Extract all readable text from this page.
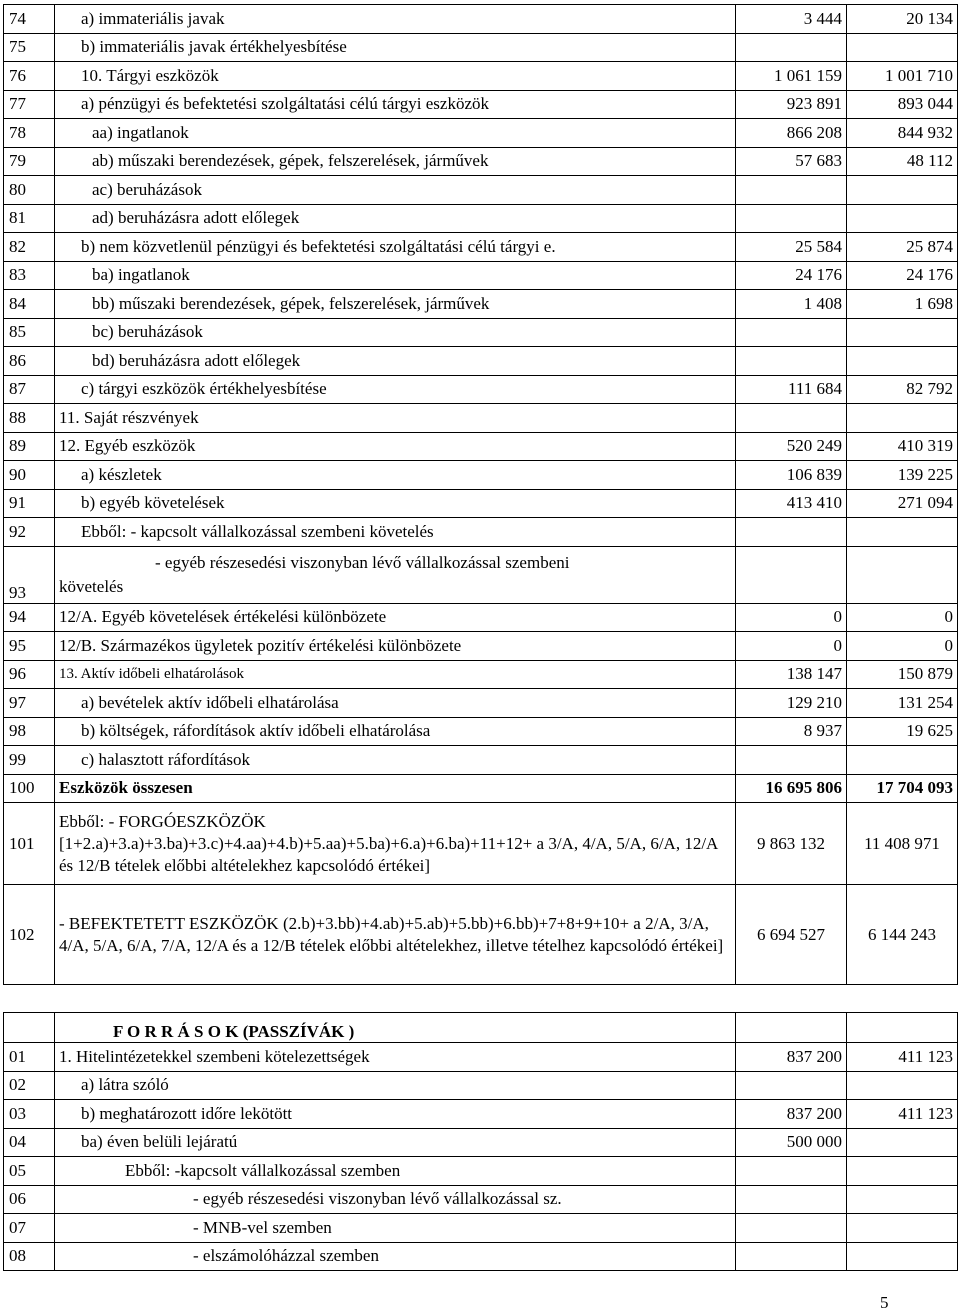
74	a) immateriális javak	3 444	20 134
75	b) immateriális javak értékhelyesbítése		
76	10. Tárgyi eszközök	1 061 159	1 001 710
77	a) pénzügyi és befektetési szolgáltatási célú tárgyi eszközök	923 891	893 044
78	aa) ingatlanok	866 208	844 932
79	ab) műszaki berendezések, gépek, felszerelések, járművek	57 683	48 112
80	ac) beruházások		
81	ad) beruházásra adott előlegek		
82	b) nem közvetlenül pénzügyi és befektetési szolgáltatási célú tárgyi e.	25 584	25 874
83	ba) ingatlanok	24 176	24 176
84	bb) műszaki berendezések, gépek, felszerelések, járművek	1 408	1 698
85	bc) beruházások		
86	bd) beruházásra adott előlegek		
87	c) tárgyi eszközök értékhelyesbítése	111 684	82 792
88	11. Saját részvények		
89	12. Egyéb eszközök	520 249	410 319
90	a) készletek	106 839	139 225
91	b) egyéb követelések	413 410	271 094
92	Ebből: - kapcsolt vállalkozással szembeni követelés		
93	- egyéb részesedési viszonyban lévő vállalkozással szembeni
követelés		

94	12/A. Egyéb követelések értékelési különbözete	0	0
95	12/B. Származékos ügyletek pozitív értékelési különbözete	0	0
96	13. Aktív időbeli elhatárolások	138 147	150 879
97	a) bevételek aktív időbeli elhatárolása	129 210	131 254
98	b) költségek, ráfordítások aktív időbeli elhatárolása	8 937	19 625
99	c) halasztott ráfordítások		
100	Eszközök összesen	16 695 806	17 704 093
101	Ebből: - FORGÓESZKÖZÖK [1+2.a)+3.a)+3.ba)+3.c)+4.aa)+4.b)+5.aa)+5.ba)+6.a)+6.ba)+11+12+ a 3/A, 4/A, 5/A, 6/A, 12/A és 12/B tételek előbbi altételekhez kapcsolódó értékei]	9 863 132	11 408 971
102	- BEFEKTETETT ESZKÖZÖK (2.b)+3.bb)+4.ab)+5.ab)+5.bb)+6.bb)+7+8+9+10+ a 2/A, 3/A, 4/A, 5/A, 6/A, 7/A, 12/A és a 12/B tételek előbbi altételekhez, illetve tételhez kapcsolódó értékei]	6 694 527	6 144 243
	F O R R Á S O K (PASSZÍVÁK )		
01	1. Hitelintézetekkel szembeni kötelezettségek	837 200	411 123
02	a) látra szóló		
03	b) meghatározott időre lekötött	837 200	411 123
04	ba) éven belüli lejáratú	500 000	
05	Ebből: -kapcsolt vállalkozással szemben		
06	- egyéb részesedési viszonyban lévő vállalkozással sz.		
07	- MNB-vel szemben		
08	- elszámolóházzal szemben		
5
